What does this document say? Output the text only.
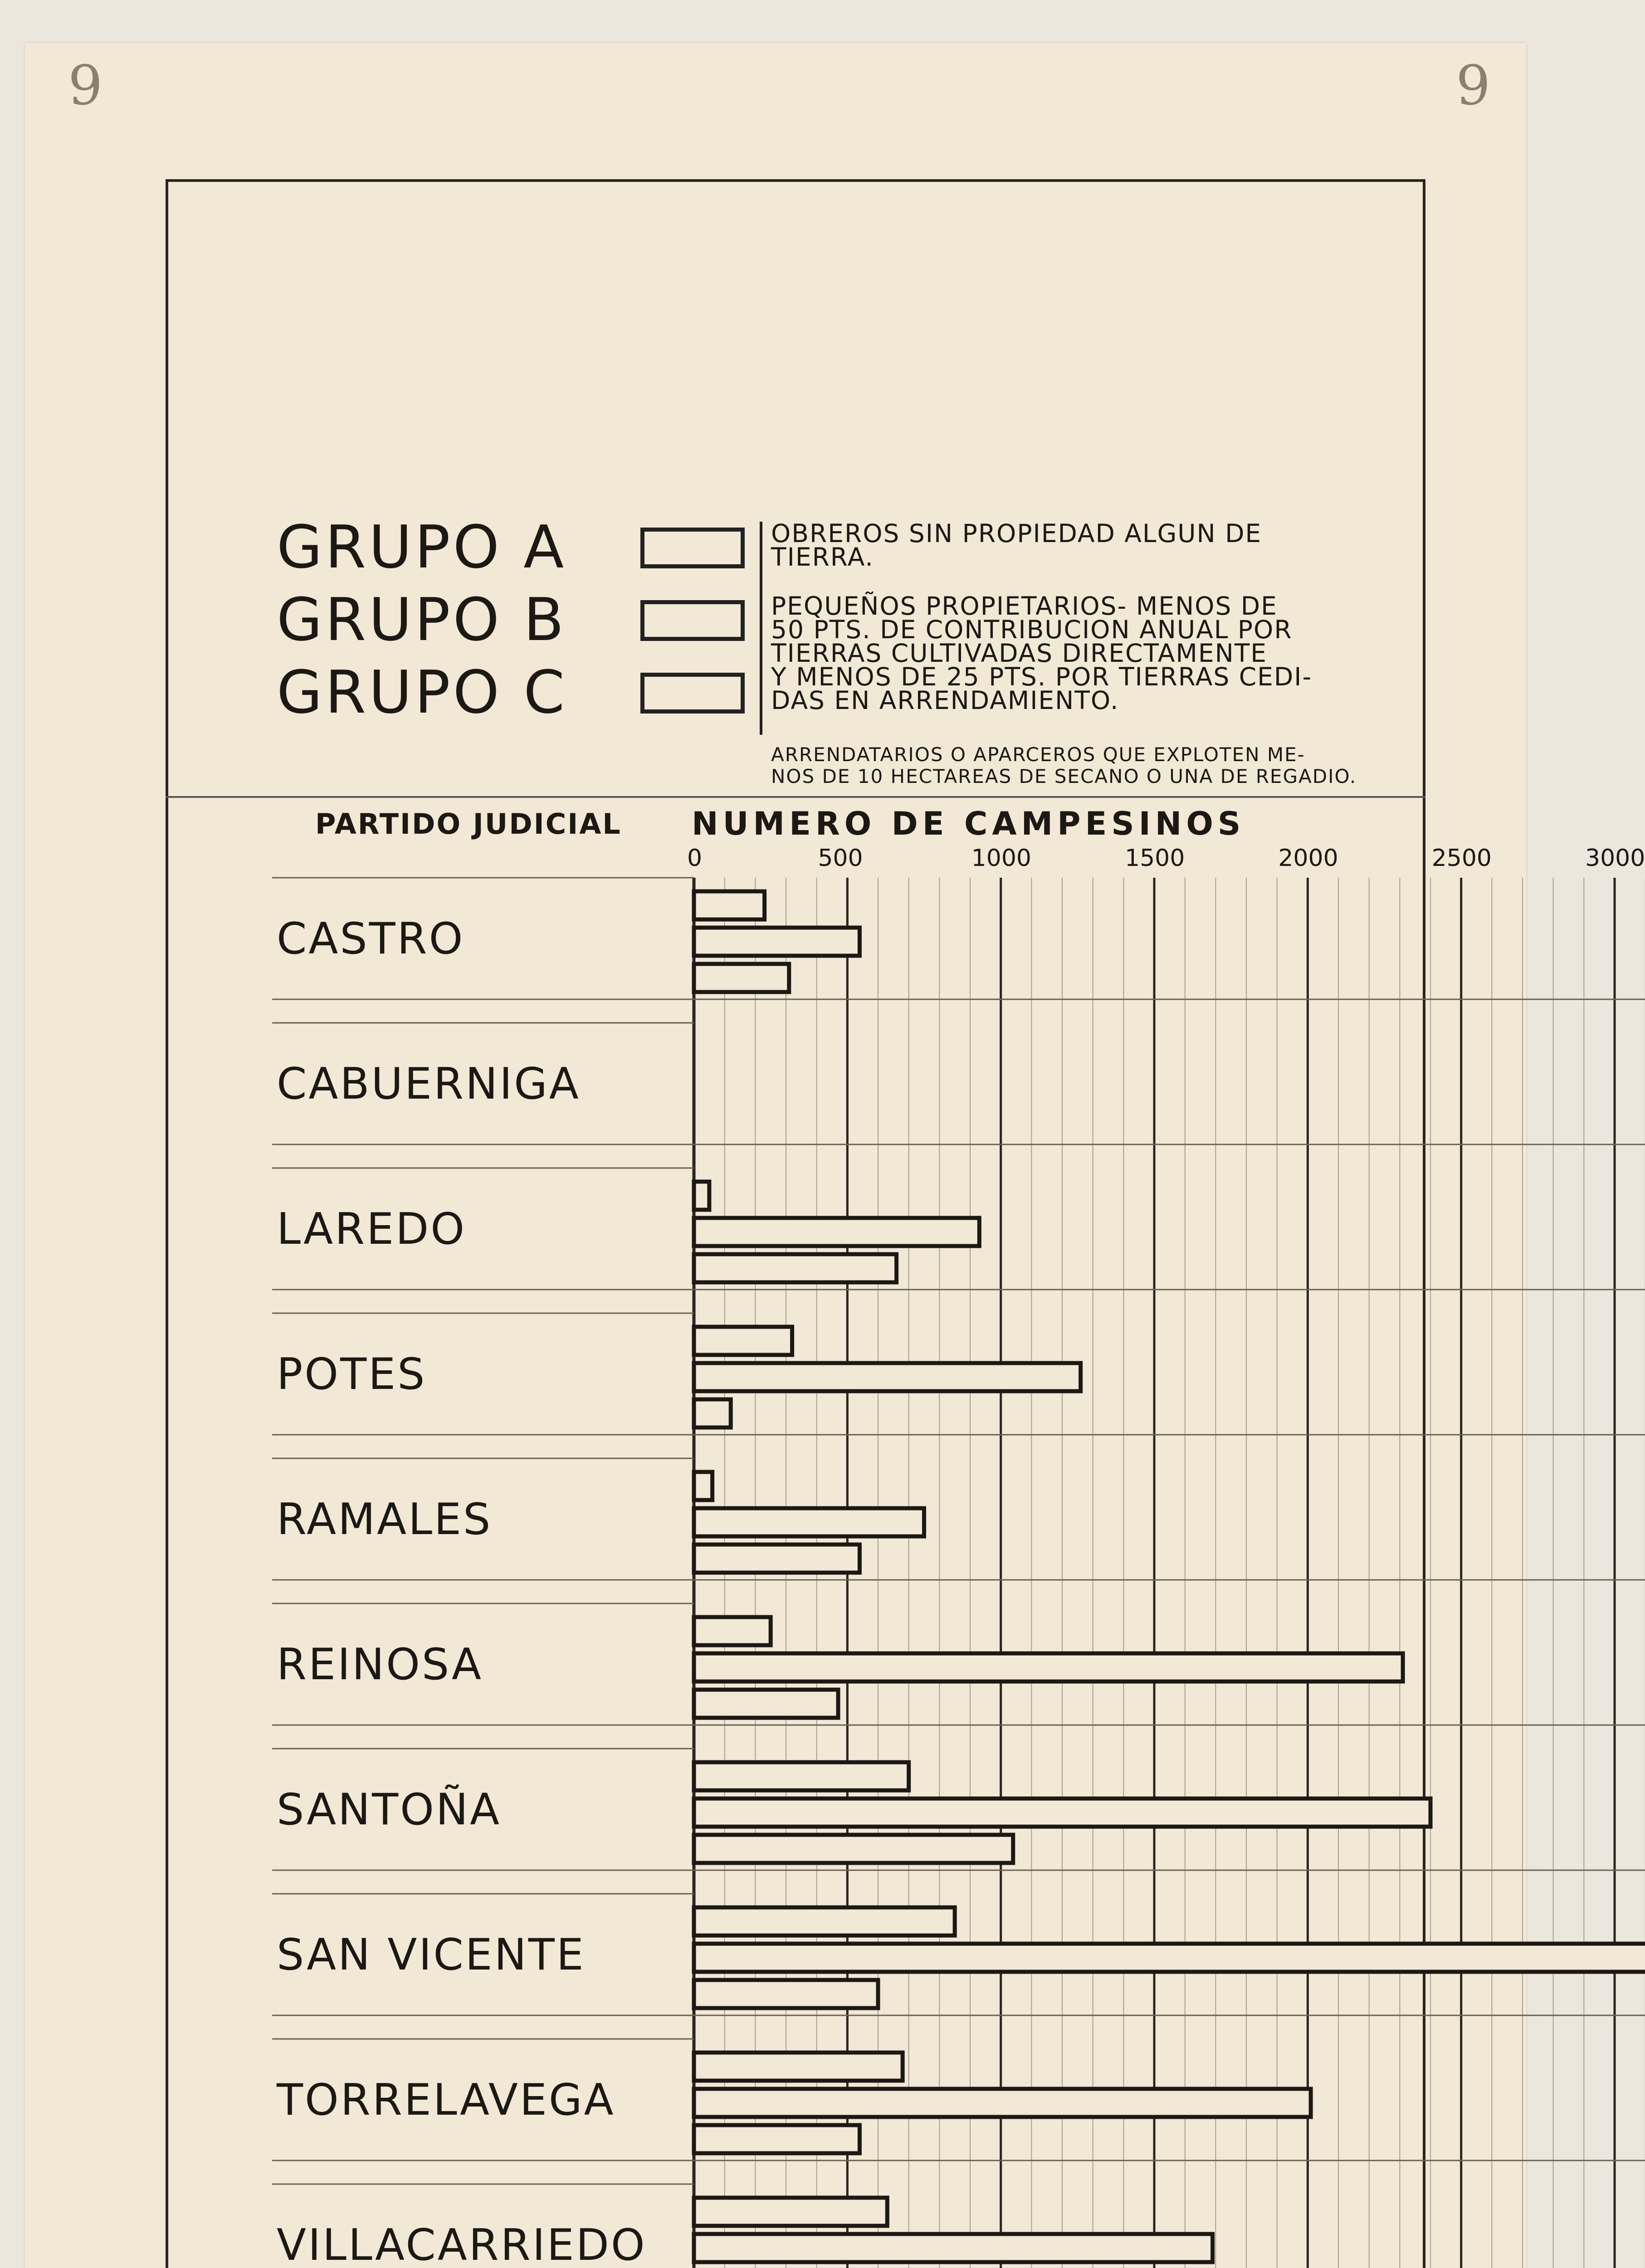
9	9
GRUPO A
GRUPO B
GRUPO C
OBREROS SIN PROPIEDAD ALGUN DE
TIERRA.
PEQUEÑOS PROPIETARIOS- MENOS DE
50 PTS. DE CONTRIBUCION ANUAL POR
TIERRAS CULTIVADAS DIRECTAMENTE
Y MENOS DE 25 PTS. POR TIERRAS CEDI-
DAS EN ARRENDAMIENTO.
ARRENDATARIOS O APARCEROS QUE EXPLOTEN ME-
NOS DE 10 HECTAREAS DE SECANO O UNA DE REGADIO.
PARTIDO JUDICIAL NUMERO DE CAMPESINOS
0	500	1000	1500	2000	2500	3000
CASTRO
CABUERNIGA
LAREDO
POTES
RAMALES
REINOSA
SANTOÑA
SAN VICENTE
TORRELAVEGA
VILLACARRIEDO
